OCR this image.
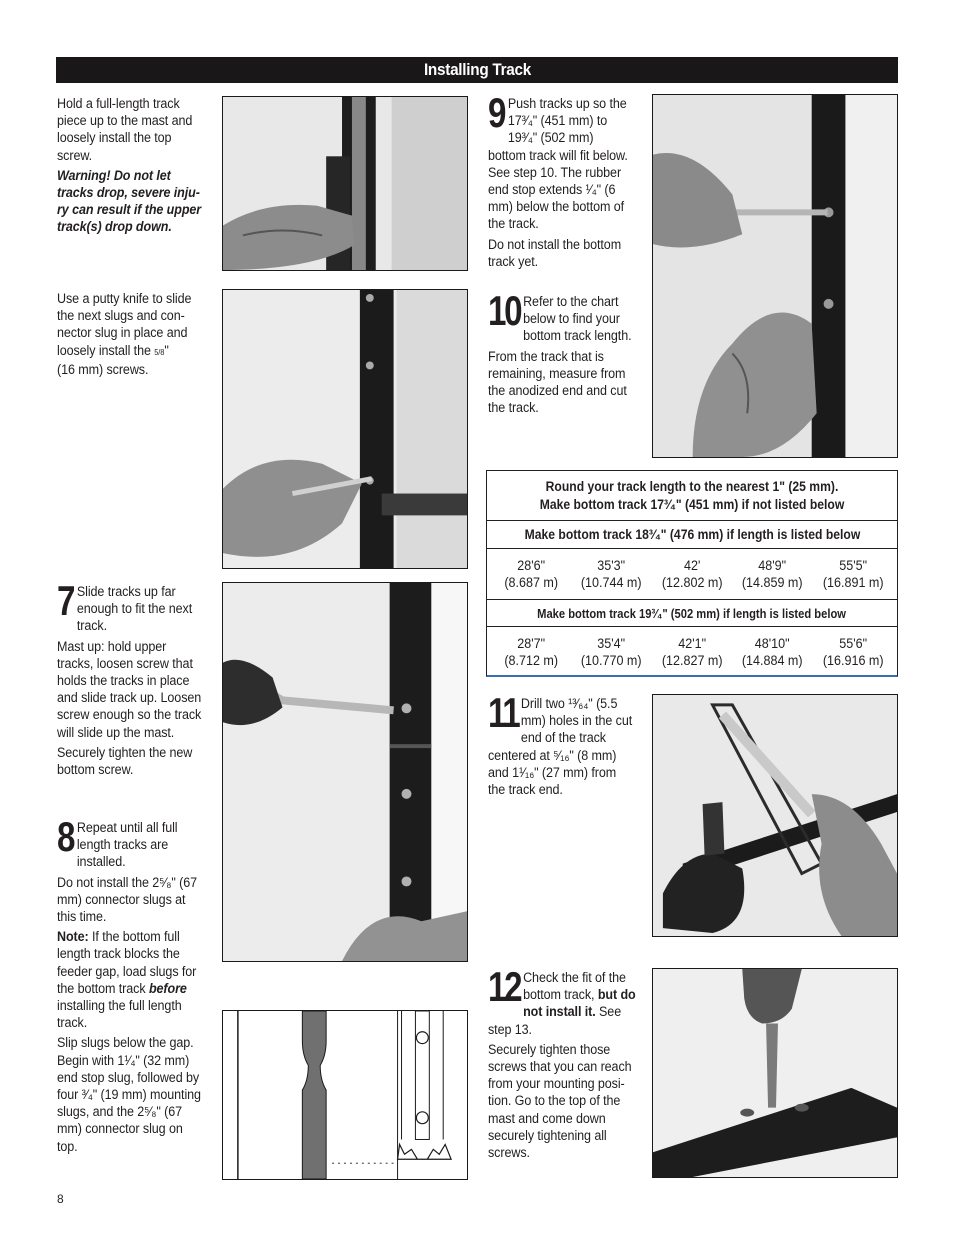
Installing Track

Hold a full-length track piece up to the mast and loosely install the top screw.

Warning! Do not let tracks drop, severe inju-ry can result if the upper track(s) drop down.

Use a putty knife to slide the next slugs and con-nector slug in place and loosely install the 5/8"
(16 mm) screws.

7 Slide tracks up far enough to fit the next track.

Mast up: hold upper tracks, loosen screw that holds the tracks in place and slide track up. Loosen screw enough so the track will slide up the mast.

Securely tighten the new bottom screw.

8 Repeat until all full length tracks are installed.

Do not install the 2⁵⁄₈" (67 mm) connector slugs at this time.

Note: If the bottom full length track blocks the feeder gap, load slugs for the bottom track before installing the full length track.

Slip slugs below the gap. Begin with 1¹⁄₄" (32 mm) end stop slug, followed by four ³⁄₄" (19 mm) mounting slugs, and the 2⁵⁄₈" (67 mm) connector slug on top.

9 Push tracks up so the 17³⁄₄" (451 mm) to 19³⁄₄" (502 mm) bottom track will fit below. See step 10. The rubber end stop extends ¹⁄₄" (6 mm) below the bottom of the track.

Do not install the bottom track yet.

10 Refer to the chart below to find your bottom track length.

From the track that is remaining, measure from the anodized end and cut the track.

11 Drill two ¹³⁄₆₄" (5.5 mm) holes in the cut end of the track centered at ⁵⁄₁₆" (8 mm) and 1¹⁄₁₆" (27 mm) from the track end.

12 Check the fit of the bottom track, but do not install it. See step 13.

Securely tighten those screws that you can reach from your mounting posi-tion. Go to the top of the mast and come down securely tightening all screws.

Round your track length to the nearest 1" (25 mm). Make bottom track 17³⁄₄" (451 mm) if not listed below
Make bottom track 18³⁄₄" (476 mm) if length is listed below
28'6"
(8.687 m)
35'3"
(10.744 m)
42'
(12.802 m)
48'9"
(14.859 m)
55'5"
(16.891 m)
Make bottom track 19³⁄₄" (502 mm) if length is listed below
28'7"
(8.712 m)
35'4"
(10.770 m)
42'1"
(12.827 m)
48'10"
(14.884 m)
55'6"
(16.916 m)
8
